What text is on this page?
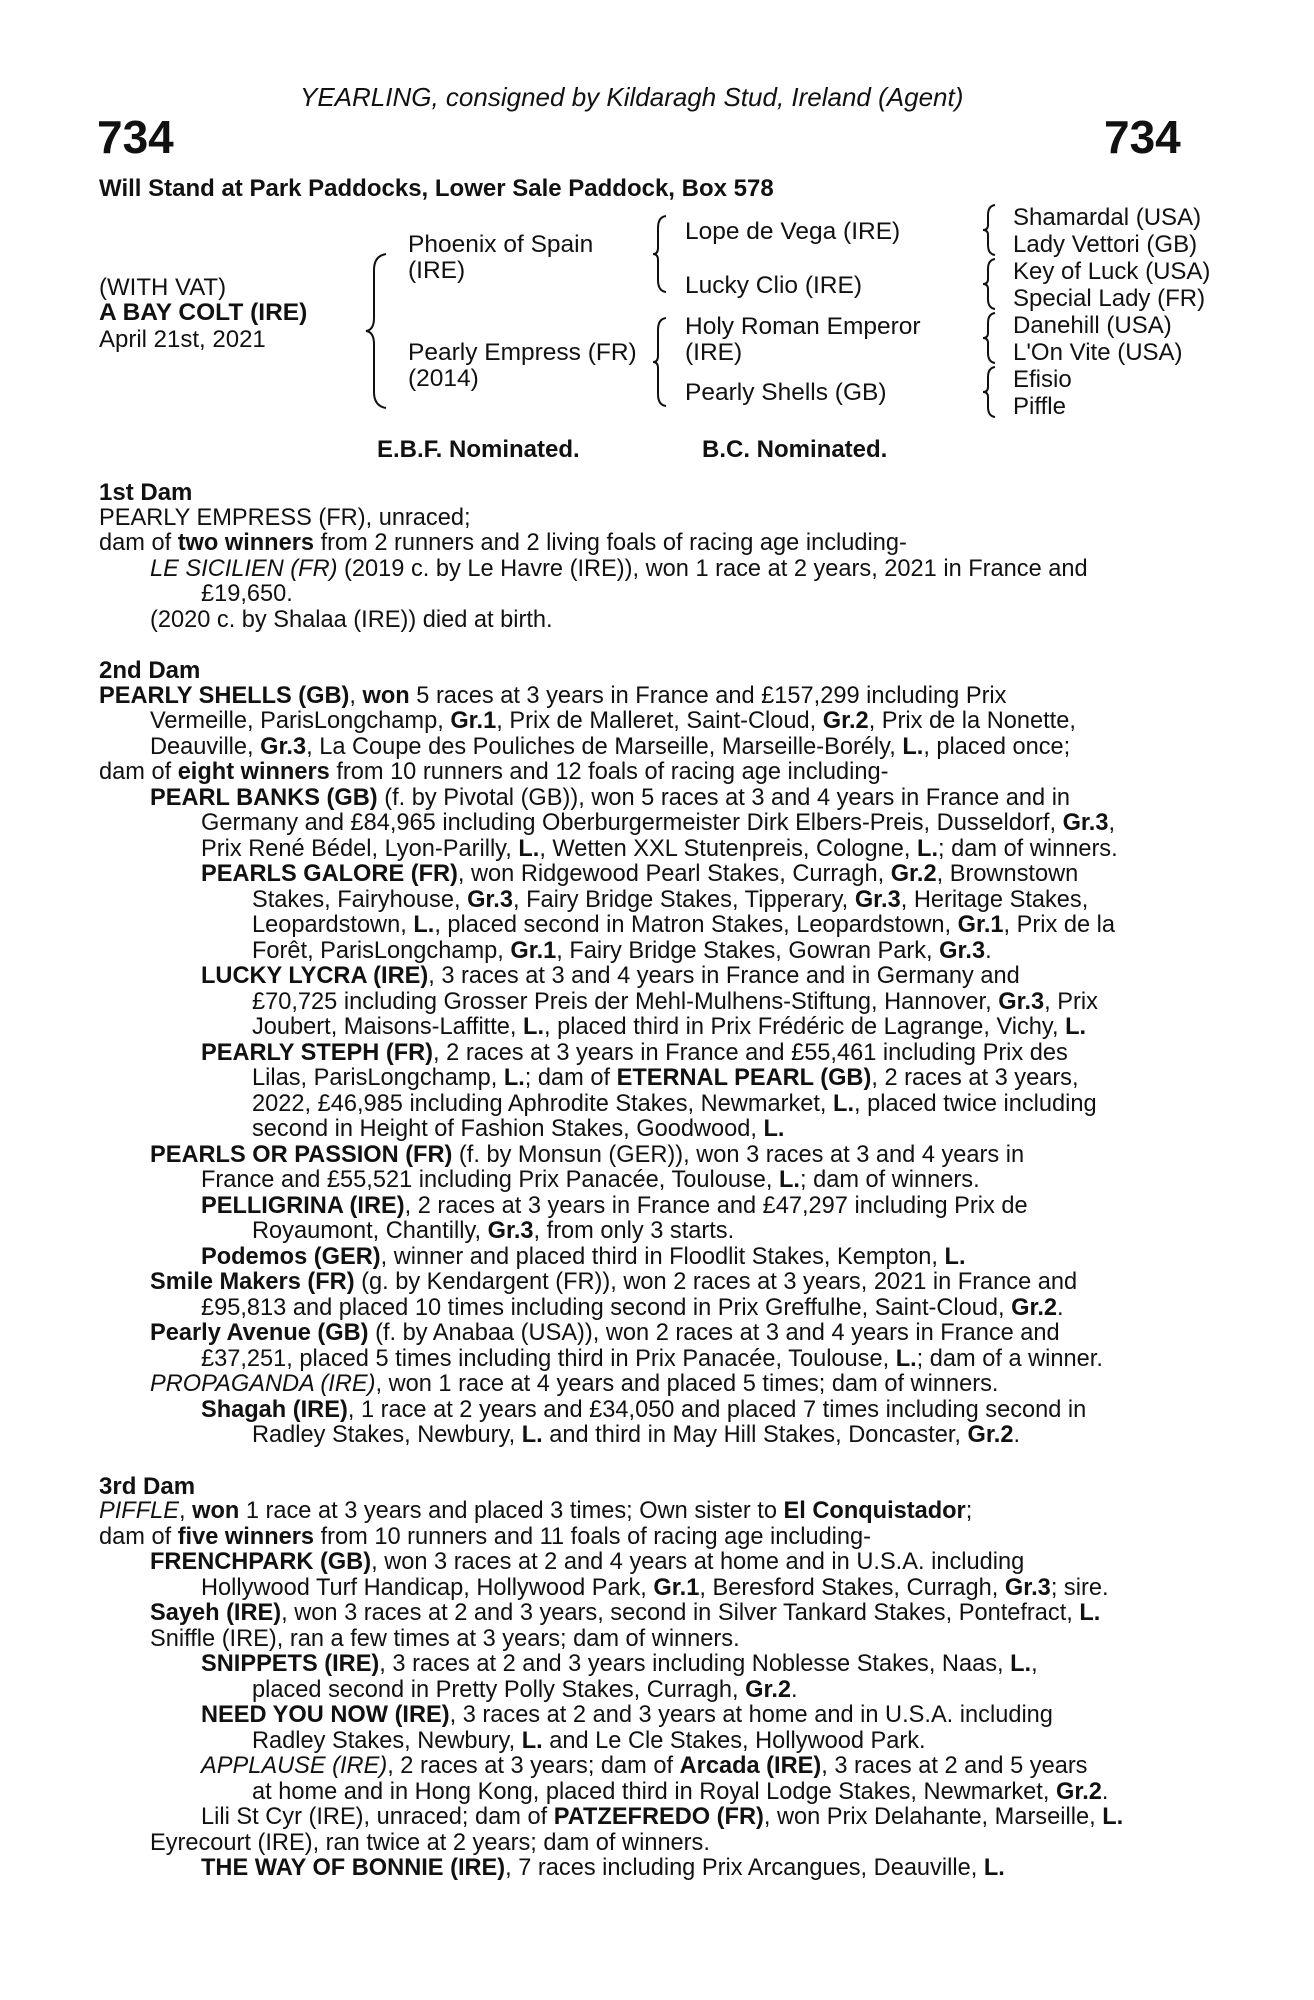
YEARLING, consigned by Kildaragh Stud, Ireland (Agent)
734	734
Will Stand at Park Paddocks, Lower Sale Paddock, Box 578
(WITH VAT)
A BAY COLT (IRE)
April 21st, 2021
Phoenix of Spain
(IRE)
Pearly Empress (FR)
(2014)
Lope de Vega (IRE)
Lucky Clio (IRE)
Holy Roman Emperor
(IRE)
Pearly Shells (GB)
Shamardal (USA)
Lady Vettori (GB)
Key of Luck (USA)
Special Lady (FR)
Danehill (USA)
L'On Vite (USA)
Efisio
Piffle
E.B.F. Nominated.	B.C. Nominated.
1st Dam
PEARLY EMPRESS (FR), unraced;
dam of two winners from 2 runners and 2 living foals of racing age including-
LE SICILIEN (FR) (2019 c. by Le Havre (IRE)), won 1 race at 2 years, 2021 in France and
£19,650.
(2020 c. by Shalaa (IRE)) died at birth.
2nd Dam
PEARLY SHELLS (GB), won 5 races at 3 years in France and £157,299 including Prix
Vermeille, ParisLongchamp, Gr.1, Prix de Malleret, Saint-Cloud, Gr.2, Prix de la Nonette,
Deauville, Gr.3, La Coupe des Pouliches de Marseille, Marseille-Borély, L., placed once;
dam of eight winners from 10 runners and 12 foals of racing age including-
PEARL BANKS (GB) (f. by Pivotal (GB)), won 5 races at 3 and 4 years in France and in
Germany and £84,965 including Oberburgermeister Dirk Elbers-Preis, Dusseldorf, Gr.3,
Prix René Bédel, Lyon-Parilly, L., Wetten XXL Stutenpreis, Cologne, L.; dam of winners.
PEARLS GALORE (FR), won Ridgewood Pearl Stakes, Curragh, Gr.2, Brownstown
Stakes, Fairyhouse, Gr.3, Fairy Bridge Stakes, Tipperary, Gr.3, Heritage Stakes,
Leopardstown, L., placed second in Matron Stakes, Leopardstown, Gr.1, Prix de la
Forêt, ParisLongchamp, Gr.1, Fairy Bridge Stakes, Gowran Park, Gr.3.
LUCKY LYCRA (IRE), 3 races at 3 and 4 years in France and in Germany and
£70,725 including Grosser Preis der Mehl-Mulhens-Stiftung, Hannover, Gr.3, Prix
Joubert, Maisons-Laffitte, L., placed third in Prix Frédéric de Lagrange, Vichy, L.
PEARLY STEPH (FR), 2 races at 3 years in France and £55,461 including Prix des
Lilas, ParisLongchamp, L.; dam of ETERNAL PEARL (GB), 2 races at 3 years,
2022, £46,985 including Aphrodite Stakes, Newmarket, L., placed twice including
second in Height of Fashion Stakes, Goodwood, L.
PEARLS OR PASSION (FR) (f. by Monsun (GER)), won 3 races at 3 and 4 years in
France and £55,521 including Prix Panacée, Toulouse, L.; dam of winners.
PELLIGRINA (IRE), 2 races at 3 years in France and £47,297 including Prix de
Royaumont, Chantilly, Gr.3, from only 3 starts.
Podemos (GER), winner and placed third in Floodlit Stakes, Kempton, L.
Smile Makers (FR) (g. by Kendargent (FR)), won 2 races at 3 years, 2021 in France and
£95,813 and placed 10 times including second in Prix Greffulhe, Saint-Cloud, Gr.2.
Pearly Avenue (GB) (f. by Anabaa (USA)), won 2 races at 3 and 4 years in France and
£37,251, placed 5 times including third in Prix Panacée, Toulouse, L.; dam of a winner.
PROPAGANDA (IRE), won 1 race at 4 years and placed 5 times; dam of winners.
Shagah (IRE), 1 race at 2 years and £34,050 and placed 7 times including second in
Radley Stakes, Newbury, L. and third in May Hill Stakes, Doncaster, Gr.2.
3rd Dam
PIFFLE, won 1 race at 3 years and placed 3 times; Own sister to El Conquistador;
dam of five winners from 10 runners and 11 foals of racing age including-
FRENCHPARK (GB), won 3 races at 2 and 4 years at home and in U.S.A. including
Hollywood Turf Handicap, Hollywood Park, Gr.1, Beresford Stakes, Curragh, Gr.3; sire.
Sayeh (IRE), won 3 races at 2 and 3 years, second in Silver Tankard Stakes, Pontefract, L.
Sniffle (IRE), ran a few times at 3 years; dam of winners.
SNIPPETS (IRE), 3 races at 2 and 3 years including Noblesse Stakes, Naas, L.,
placed second in Pretty Polly Stakes, Curragh, Gr.2.
NEED YOU NOW (IRE), 3 races at 2 and 3 years at home and in U.S.A. including
Radley Stakes, Newbury, L. and Le Cle Stakes, Hollywood Park.
APPLAUSE (IRE), 2 races at 3 years; dam of Arcada (IRE), 3 races at 2 and 5 years
at home and in Hong Kong, placed third in Royal Lodge Stakes, Newmarket, Gr.2.
Lili St Cyr (IRE), unraced; dam of PATZEFREDO (FR), won Prix Delahante, Marseille, L.
Eyrecourt (IRE), ran twice at 2 years; dam of winners.
THE WAY OF BONNIE (IRE), 7 races including Prix Arcangues, Deauville, L.
